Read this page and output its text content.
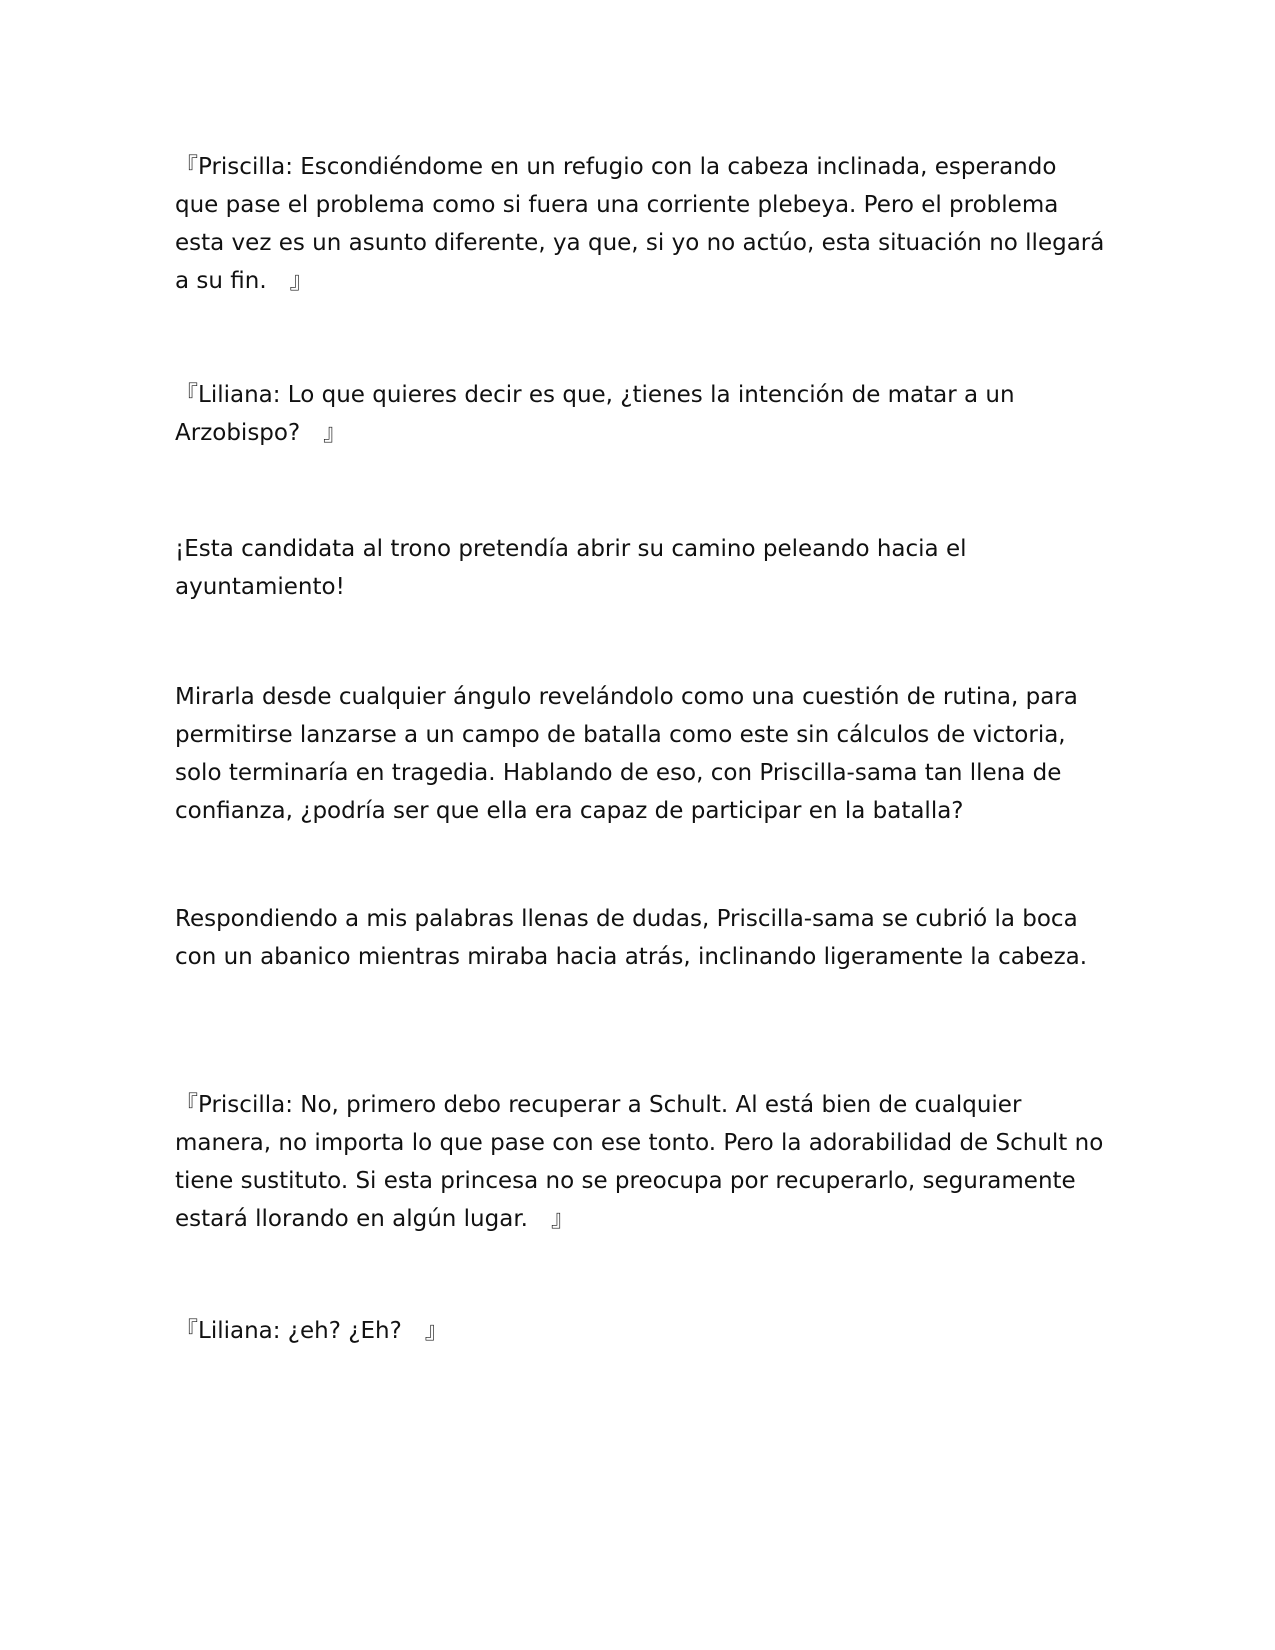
『Priscilla: Escondiéndome en un refugio con la cabeza inclinada, esperando que pase el problema como si fuera una corriente plebeya. Pero el problema esta vez es un asunto diferente, ya que, si yo no actúo, esta situación no llegará a su fin.　』

『Liliana: Lo que quieres decir es que, ¿tienes la intención de matar a un Arzobispo?　』

¡Esta candidata al trono pretendía abrir su camino peleando hacia el ayuntamiento!

Mirarla desde cualquier ángulo revelándolo como una cuestión de rutina, para permitirse lanzarse a un campo de batalla como este sin cálculos de victoria, solo terminaría en tragedia. Hablando de eso, con Priscilla-sama tan llena de confianza, ¿podría ser que ella era capaz de participar en la batalla?

Respondiendo a mis palabras llenas de dudas, Priscilla-sama se cubrió la boca con un abanico mientras miraba hacia atrás, inclinando ligeramente la cabeza.

『Priscilla: No, primero debo recuperar a Schult. Al está bien de cualquier manera, no importa lo que pase con ese tonto. Pero la adorabilidad de Schult no tiene sustituto. Si esta princesa no se preocupa por recuperarlo, seguramente estará llorando en algún lugar.　』

『Liliana: ¿eh? ¿Eh?　』
